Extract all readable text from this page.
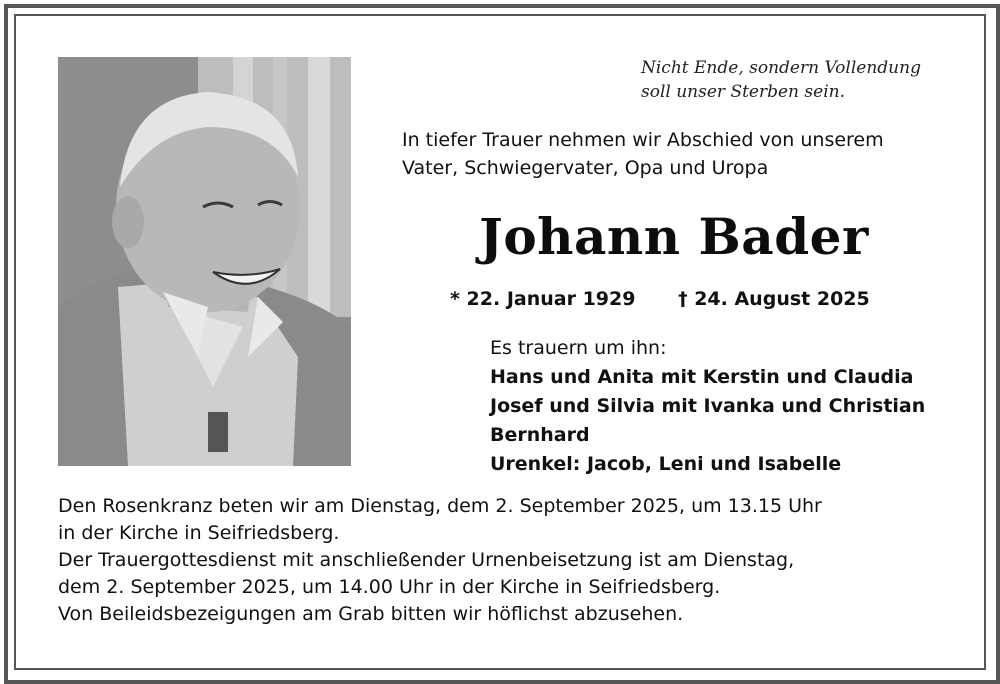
Nicht Ende, sondern Vollendung
soll unser Sterben sein.
In tiefer Trauer nehmen wir Abschied von unserem
Vater, Schwiegervater, Opa und Uropa
Johann Bader
* 22. Januar 1929 † 24. August 2025
Es trauern um ihn:
Hans und Anita mit Kerstin und Claudia
Josef und Silvia mit Ivanka und Christian
Bernhard
Urenkel: Jacob, Leni und Isabelle
Den Rosenkranz beten wir am Dienstag, dem 2. September 2025, um 13.15 Uhr
in der Kirche in Seifriedsberg.
Der Trauergottesdienst mit anschließender Urnenbeisetzung ist am Dienstag,
dem 2. September 2025, um 14.00 Uhr in der Kirche in Seifriedsberg.
Von Beileidsbezeigungen am Grab bitten wir höflichst abzusehen.
